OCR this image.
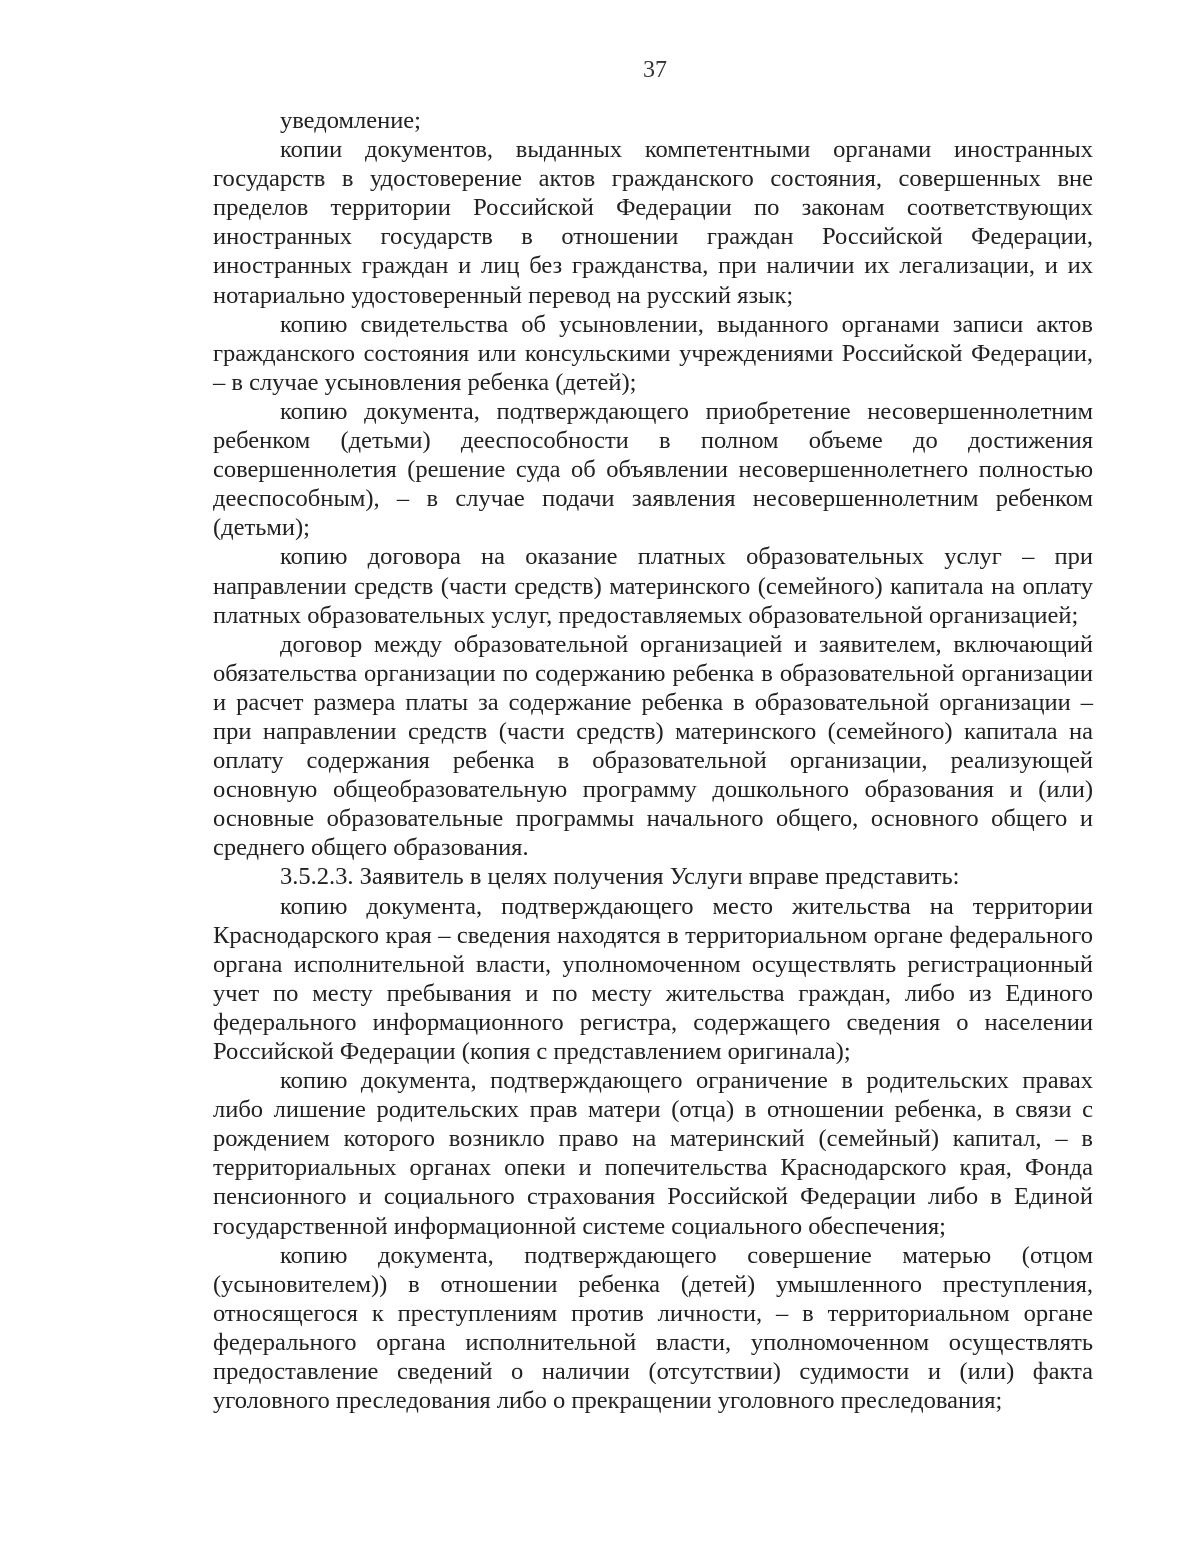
37

уведомление;

копии документов, выданных компетентными органами иностранных государств в удостоверение актов гражданского состояния, совершенных вне пределов территории Российской Федерации по законам соответствующих иностранных государств в отношении граждан Российской Федерации, иностранных граждан и лиц без гражданства, при наличии их легализации, и их нотариально удостоверенный перевод на русский язык;

копию свидетельства об усыновлении, выданного органами записи актов гражданского состояния или консульскими учреждениями Российской Федерации, – в случае усыновления ребенка (детей);

копию документа, подтверждающего приобретение несовершеннолетним ребенком (детьми) дееспособности в полном объеме до достижения совершеннолетия (решение суда об объявлении несовершеннолетнего полностью дееспособным), – в случае подачи заявления несовершеннолетним ребенком (детьми);

копию договора на оказание платных образовательных услуг – при направлении средств (части средств) материнского (семейного) капитала на оплату платных образовательных услуг, предоставляемых образовательной организацией;

договор между образовательной организацией и заявителем, включающий обязательства организации по содержанию ребенка в образовательной организации и расчет размера платы за содержание ребенка в образовательной организации – при направлении средств (части средств) материнского (семейного) капитала на оплату содержания ребенка в образовательной организации, реализующей основную общеобразовательную программу дошкольного образования и (или) основные образовательные программы начального общего, основного общего и среднего общего образования.

3.5.2.3. Заявитель в целях получения Услуги вправе представить:

копию документа, подтверждающего место жительства на территории Краснодарского края – сведения находятся в территориальном органе федерального органа исполнительной власти, уполномоченном осуществлять регистрационный учет по месту пребывания и по месту жительства граждан, либо из Единого федерального информационного регистра, содержащего сведения о населении Российской Федерации (копия с представлением оригинала);

копию документа, подтверждающего ограничение в родительских правах либо лишение родительских прав матери (отца) в отношении ребенка, в связи с рождением которого возникло право на материнский (семейный) капитал, – в территориальных органах опеки и попечительства Краснодарского края, Фонда пенсионного и социального страхования Российской Федерации либо в Единой государственной информационной системе социального обеспечения;

копию документа, подтверждающего совершение матерью (отцом (усыновителем)) в отношении ребенка (детей) умышленного преступления, относящегося к преступлениям против личности, – в территориальном органе федерального органа исполнительной власти, уполномоченном осуществлять предоставление сведений о наличии (отсутствии) судимости и (или) факта уголовного преследования либо о прекращении уголовного преследования;
